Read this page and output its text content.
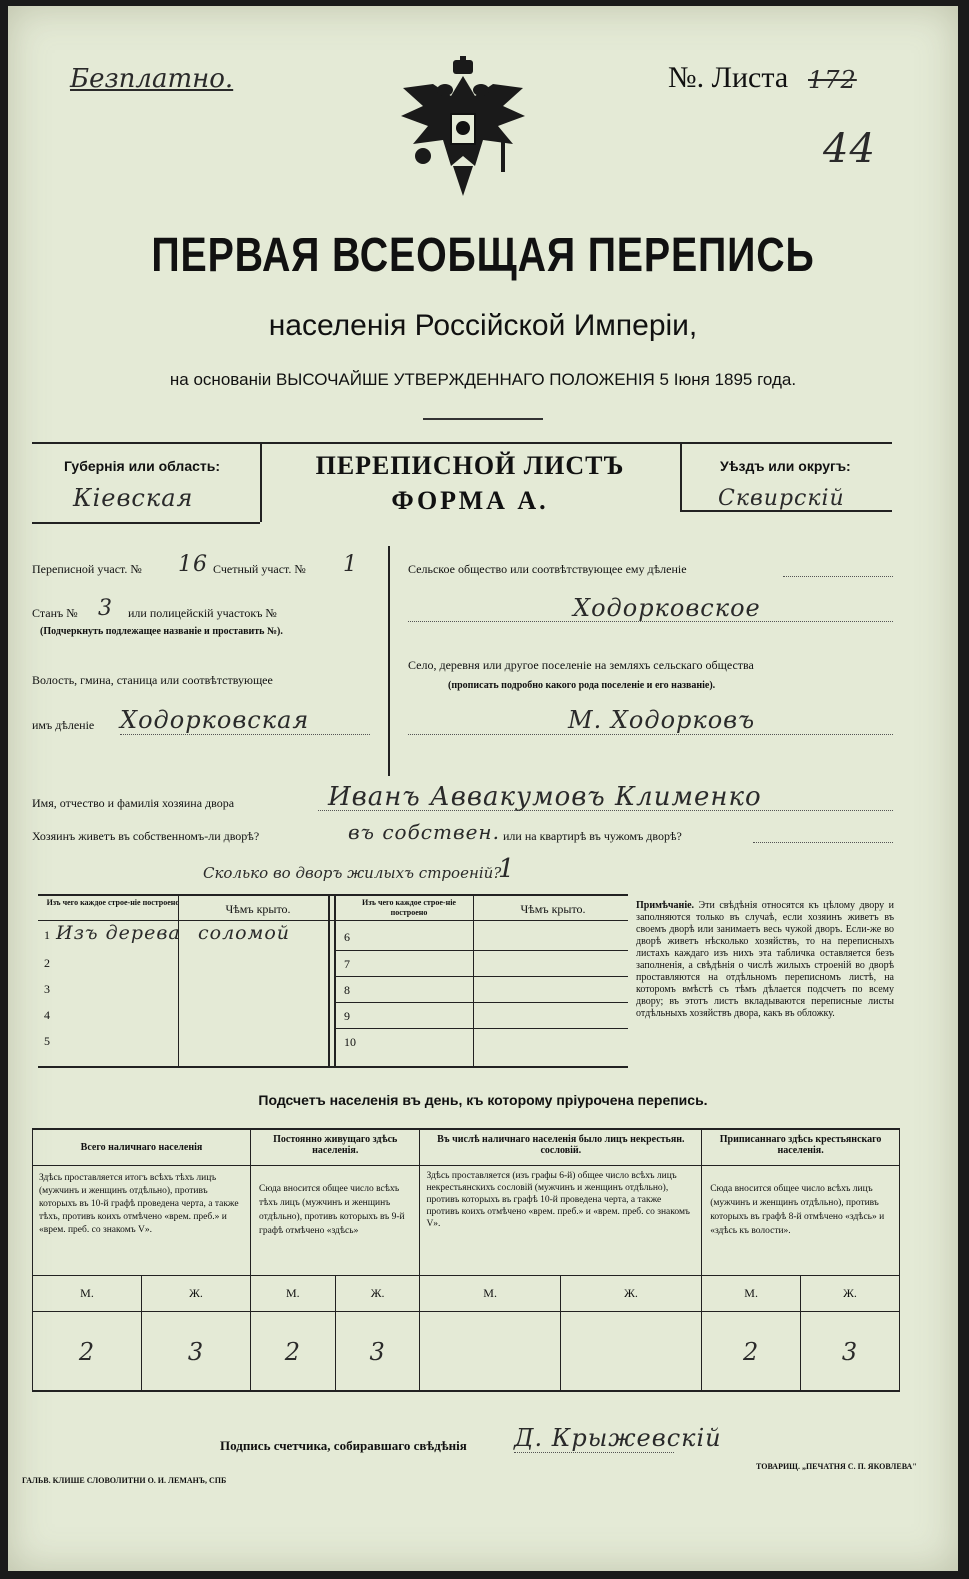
Безплатно.	№. Листа 172
44
ПЕРВАЯ ВСЕОБЩАЯ ПЕРЕПИСЬ
населенія Россійской Имперіи,
на основаніи ВЫСОЧАЙШЕ УТВЕРЖДЕННАГО ПОЛОЖЕНІЯ 5 Іюня 1895 года.
Губернія или область:
Кіевская
ПЕРЕПИСНОЙ ЛИСТЪ
ФОРМА А.
Уѣздъ или округъ:
Сквирскій
Переписной участ. № 16 Счетный участ. № 1
Станъ № 3 или полицейскій участокъ №
(Подчеркнуть подлежащее названіе и проставить №).
Волость, гмина, станица или соотвѣтствующее
имъ дѣленіе Ходорковская
Сельское общество или соотвѣтствующее ему дѣленіе
Ходорковское
Село, деревня или другое поселеніе на земляхъ сельскаго общества
(прописать подробно какого рода поселеніе и его названіе).
М. Ходорковъ
Имя, отчество и фамилія хозяина двора	Иванъ Аввакумовъ Клименко
Хозяинъ живетъ въ собственномъ-ли дворѣ?	въ собствен. или на квартирѣ въ чужомъ дворѣ?
Сколько во дворъ жилыхъ строеній?
1
Изъ чего каждое строе-ніе построено	Чѣмъ крыто.	Изъ чего каждое строе-ніе построено	Чѣмъ крыто.
1 Изъ дерева соломой
2
3
4
5
6
7
8
9
10
Примѣчаніе. Эти свѣдѣнія относятся къ цѣлому двору и заполняются только въ случаѣ, если хозяинъ живетъ въ своемъ дворѣ или занимаетъ весь чужой дворъ. Если-же во дворѣ живетъ нѣсколько хозяйствъ, то на переписныхъ листахъ каждаго изъ нихъ эта табличка оставляется безъ заполненія, а свѣдѣнія о числѣ жилыхъ строеній во дворѣ проставляются на отдѣльномъ переписномъ листѣ, на которомъ вмѣстѣ съ тѣмъ дѣлается подсчетъ по всему двору; въ этотъ листъ вкладываются переписные листы отдѣльныхъ хозяйствъ двора, какъ въ обложку.
Подсчетъ населенія въ день, къ которому пріурочена перепись.
Всего наличнаго населенія		Постоянно живущаго здѣсь населенія.		Въ числѣ наличнаго населенія было лицъ некрестьян. сословій.		Приписаннаго здѣсь крестьянскаго населенія.	

Здѣсь проставляется итогъ всѣхъ тѣхъ лицъ (мужчинъ и женщинъ отдѣльно), противъ которыхъ въ 10-й графѣ проведена черта, а также тѣхъ, противъ коихъ отмѣчено «врем. преб.» и «врем. преб. со знакомъ V».		Сюда вносится общее число всѣхъ тѣхъ лицъ (мужчинъ и женщинъ отдѣльно), противъ которыхъ въ 9-й графѣ отмѣчено «здѣсь»		Здѣсь проставляется (изъ графы 6-й) общее число всѣхъ лицъ некрестьянскихъ сословій (мужчинъ и женщинъ отдѣльно), противъ которыхъ въ графѣ 10-й проведена черта, а также противъ коихъ отмѣчено «врем. преб.» и «врем. преб. со знакомъ V».		Сюда вносится общее число всѣхъ лицъ (мужчинъ и женщинъ отдѣльно), противъ которыхъ въ графѣ 8-й отмѣчено «здѣсь» и «здѣсь къ волости».	

М.	Ж.	М.	Ж.	М.	Ж.	М.	Ж.

2	3	2	3			2	3
Подпись счетчика, собиравшаго свѣдѣнія Д. Крыжевскій
ГАЛЬВ. КЛИШЕ СЛОВОЛИТНИ О. И. ЛЕМАНЪ, СПБ
ТОВАРИЩ. „ПЕЧАТНЯ С. П. ЯКОВЛЕВА"
